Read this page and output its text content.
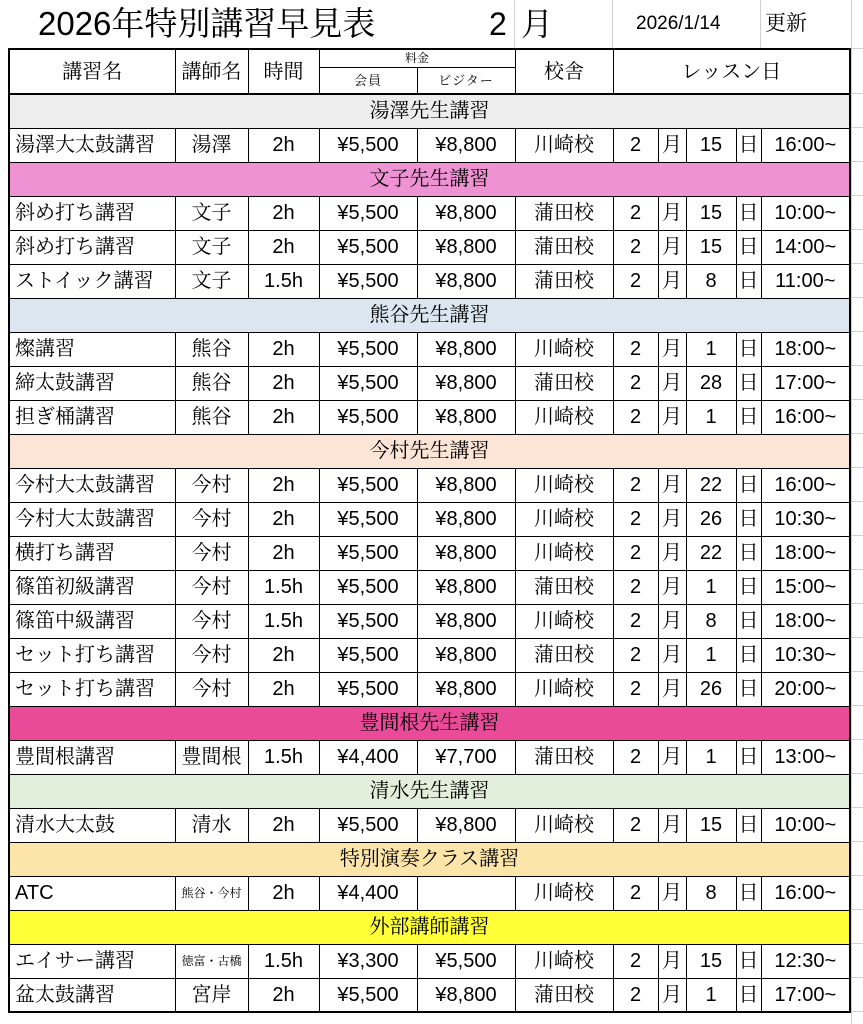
2026年特別講習早見表	2 月	2026/1/14 更新
講習名	講師名	時間	料金		校舎	レッスン日				
			会員	ビジター						
湯澤先生講習										
湯澤大太鼓講習	湯澤	2h	¥5,500	¥8,800	川崎校	2	月	15	日	16:00~
文子先生講習										
斜め打ち講習	文子	2h	¥5,500	¥8,800	蒲田校	2	月	15	日	10:00~
斜め打ち講習	文子	2h	¥5,500	¥8,800	蒲田校	2	月	15	日	14:00~
ストイック講習	文子	1.5h	¥5,500	¥8,800	蒲田校	2	月	8	日	11:00~
熊谷先生講習										
燦講習	熊谷	2h	¥5,500	¥8,800	川崎校	2	月	1	日	18:00~
締太鼓講習	熊谷	2h	¥5,500	¥8,800	蒲田校	2	月	28	日	17:00~
担ぎ桶講習	熊谷	2h	¥5,500	¥8,800	川崎校	2	月	1	日	16:00~
今村先生講習										
今村大太鼓講習	今村	2h	¥5,500	¥8,800	川崎校	2	月	22	日	16:00~
今村大太鼓講習	今村	2h	¥5,500	¥8,800	川崎校	2	月	26	日	10:30~
横打ち講習	今村	2h	¥5,500	¥8,800	川崎校	2	月	22	日	18:00~
篠笛初級講習	今村	1.5h	¥5,500	¥8,800	蒲田校	2	月	1	日	15:00~
篠笛中級講習	今村	1.5h	¥5,500	¥8,800	川崎校	2	月	8	日	18:00~
セット打ち講習	今村	2h	¥5,500	¥8,800	蒲田校	2	月	1	日	10:30~
セット打ち講習	今村	2h	¥5,500	¥8,800	川崎校	2	月	26	日	20:00~
豊間根先生講習										
豊間根講習	豊間根	1.5h	¥4,400	¥7,700	蒲田校	2	月	1	日	13:00~
清水先生講習										
清水大太鼓	清水	2h	¥5,500	¥8,800	川崎校	2	月	15	日	10:00~
特別演奏クラス講習										
ATC	熊谷・今村	2h	¥4,400		川崎校	2	月	8	日	16:00~
外部講師講習										
エイサー講習	徳富・古橋	1.5h	¥3,300	¥5,500	川崎校	2	月	15	日	12:30~
盆太鼓講習	宮岸	2h	¥5,500	¥8,800	蒲田校	2	月	1	日	17:00~
